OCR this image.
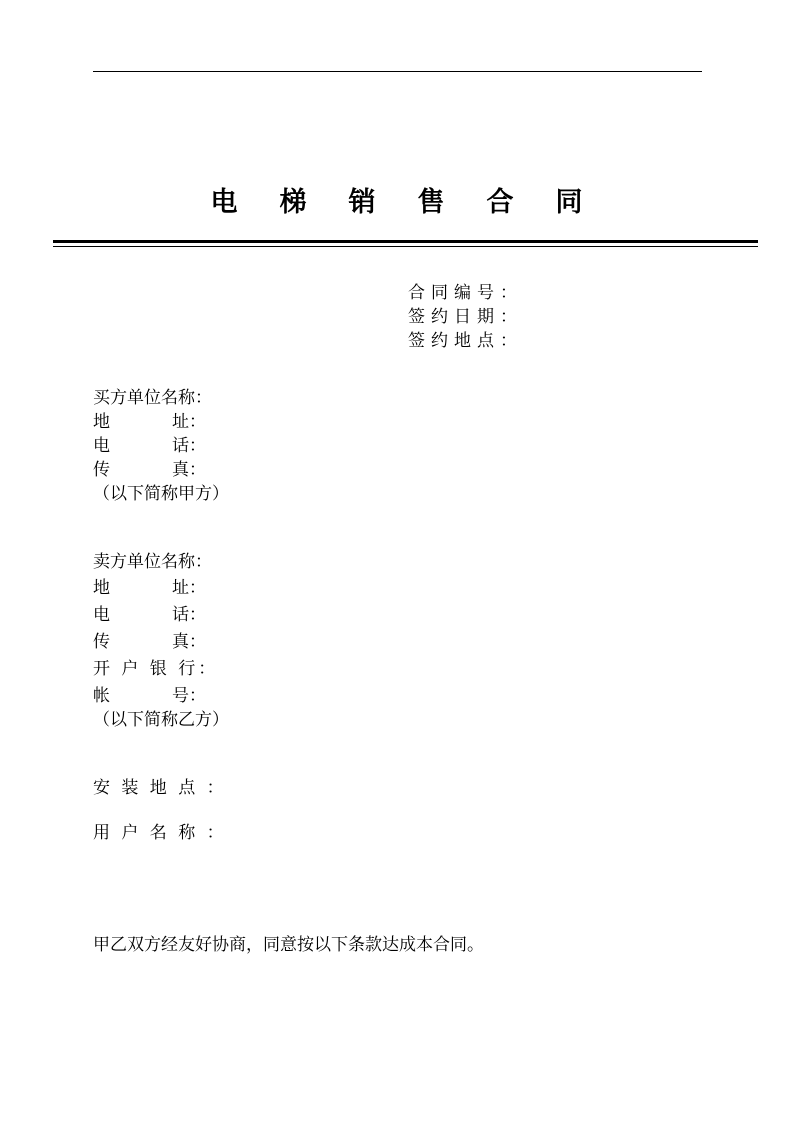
电 梯 销 售 合 同
合同编号：
签约日期：
签约地点：
买方单位名称：
地	址：
电	话：
传	真：
（以下简称甲方）
卖方单位名称：
地	址：
电	话：
传	真：
开 户 银 行：
帐	号：
（以下简称乙方）
安 装 地 点 ：
用 户 名 称 ：
甲乙双方经友好协商，同意按以下条款达成本合同。
